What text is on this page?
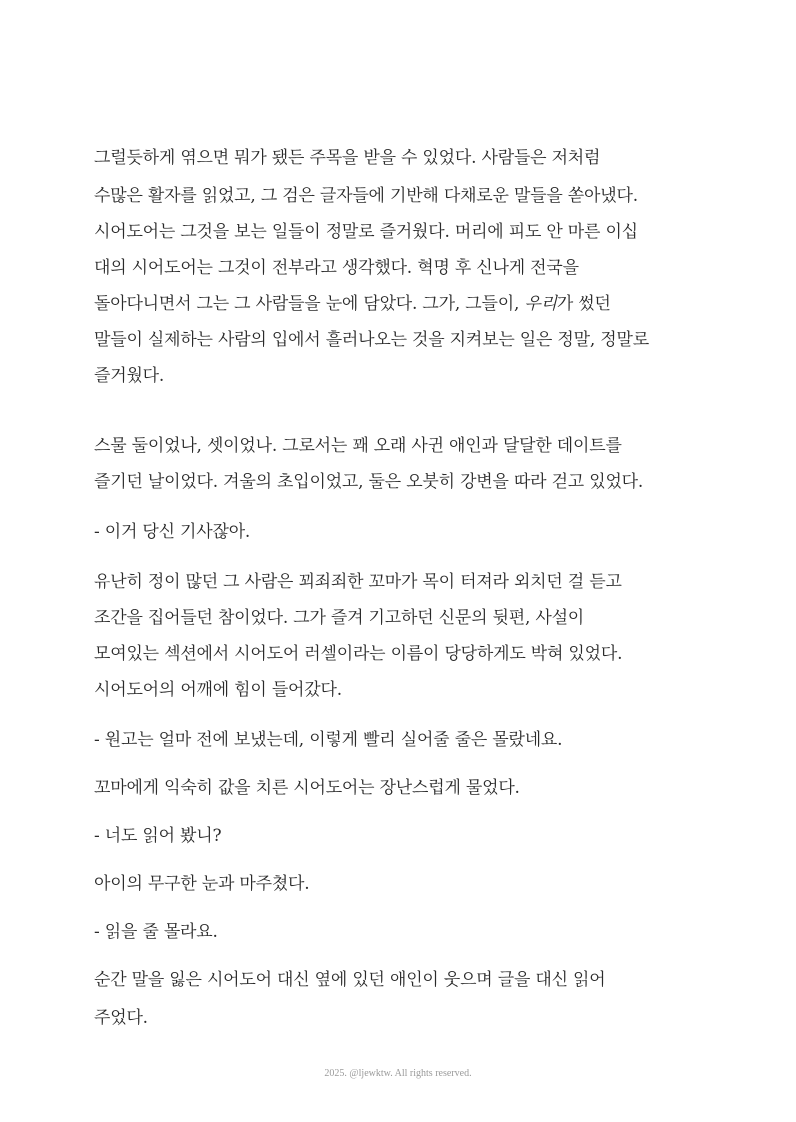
그럴듯하게 엮으면 뭐가 됐든 주목을 받을 수 있었다. 사람들은 저처럼
수많은 활자를 읽었고, 그 검은 글자들에 기반해 다채로운 말들을 쏟아냈다.
시어도어는 그것을 보는 일들이 정말로 즐거웠다. 머리에 피도 안 마른 이십
대의 시어도어는 그것이 전부라고 생각했다. 혁명 후 신나게 전국을
돌아다니면서 그는 그 사람들을 눈에 담았다. 그가, 그들이, 우리가 썼던
말들이 실제하는 사람의 입에서 흘러나오는 것을 지켜보는 일은 정말, 정말로
즐거웠다.
스물 둘이었나, 셋이었나. 그로서는 꽤 오래 사귄 애인과 달달한 데이트를
즐기던 날이었다. 겨울의 초입이었고, 둘은 오붓히 강변을 따라 걷고 있었다.
- 이거 당신 기사잖아.
유난히 정이 많던 그 사람은 꾀죄죄한 꼬마가 목이 터져라 외치던 걸 듣고
조간을 집어들던 참이었다. 그가 즐겨 기고하던 신문의 뒷편, 사설이
모여있는 섹션에서 시어도어 러셀이라는 이름이 당당하게도 박혀 있었다.
시어도어의 어깨에 힘이 들어갔다.
- 원고는 얼마 전에 보냈는데, 이렇게 빨리 실어줄 줄은 몰랐네요.
꼬마에게 익숙히 값을 치른 시어도어는 장난스럽게 물었다.
- 너도 읽어 봤니?
아이의 무구한 눈과 마주쳤다.
- 읽을 줄 몰라요.
순간 말을 잃은 시어도어 대신 옆에 있던 애인이 웃으며 글을 대신 읽어
주었다.
2025. @ljewktw. All rights reserved.
